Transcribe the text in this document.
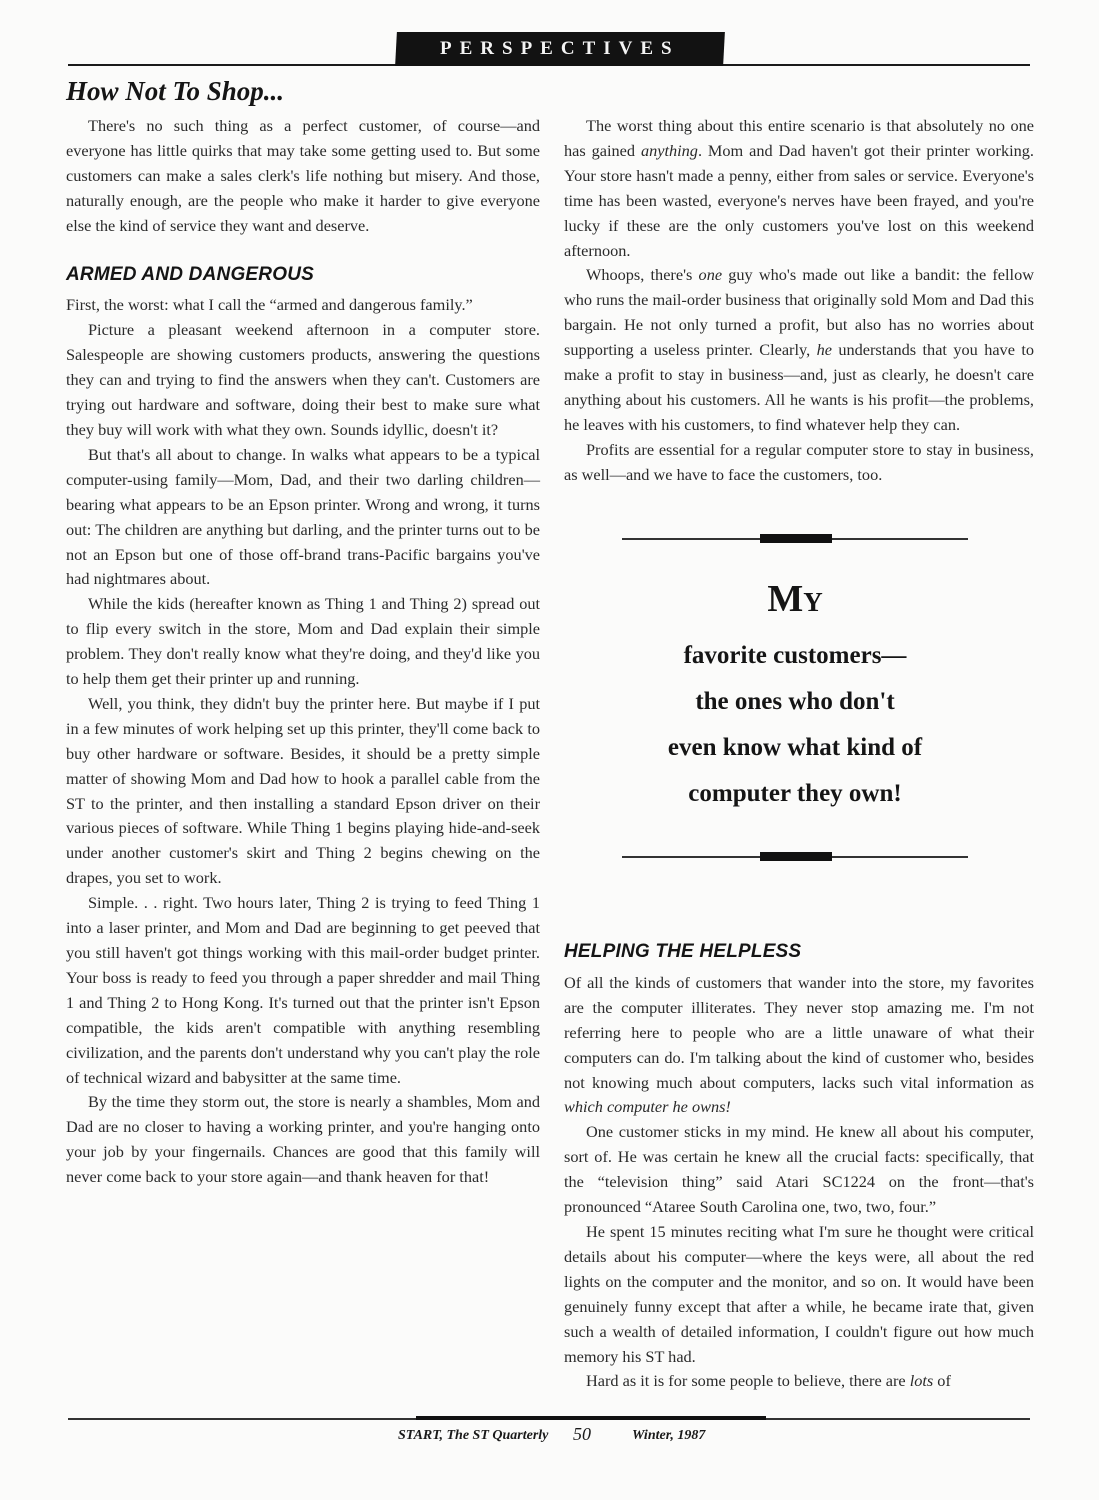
PERSPECTIVES
How Not To Shop...

There's no such thing as a perfect customer, of course—and everyone has little quirks that may take some getting used to. But some customers can make a sales clerk's life nothing but misery. And those, naturally enough, are the people who make it harder to give everyone else the kind of service they want and deserve.

ARMED AND DANGEROUS

First, the worst: what I call the “armed and dangerous family.”

Picture a pleasant weekend afternoon in a computer store. Salespeople are showing customers products, answering the questions they can and trying to find the answers when they can't. Customers are trying out hardware and software, doing their best to make sure what they buy will work with what they own. Sounds idyllic, doesn't it?

But that's all about to change. In walks what appears to be a typical computer-using family—Mom, Dad, and their two darling children—bearing what appears to be an Epson printer. Wrong and wrong, it turns out: The children are anything but darling, and the printer turns out to be not an Epson but one of those off-brand trans-Pacific bargains you've had nightmares about.

While the kids (hereafter known as Thing 1 and Thing 2) spread out to flip every switch in the store, Mom and Dad explain their simple problem. They don't really know what they're doing, and they'd like you to help them get their printer up and running.

Well, you think, they didn't buy the printer here. But maybe if I put in a few minutes of work helping set up this printer, they'll come back to buy other hardware or software. Besides, it should be a pretty simple matter of showing Mom and Dad how to hook a parallel cable from the ST to the printer, and then installing a standard Epson driver on their various pieces of software. While Thing 1 begins playing hide-and-seek under another customer's skirt and Thing 2 begins chewing on the drapes, you set to work.

Simple. . . right. Two hours later, Thing 2 is trying to feed Thing 1 into a laser printer, and Mom and Dad are beginning to get peeved that you still haven't got things working with this mail-order budget printer. Your boss is ready to feed you through a paper shredder and mail Thing 1 and Thing 2 to Hong Kong. It's turned out that the printer isn't Epson compatible, the kids aren't compatible with anything resembling civilization, and the parents don't understand why you can't play the role of technical wizard and babysitter at the same time.

By the time they storm out, the store is nearly a shambles, Mom and Dad are no closer to having a working printer, and you're hanging onto your job by your fingernails. Chances are good that this family will never come back to your store again—and thank heaven for that!

The worst thing about this entire scenario is that absolutely no one has gained anything. Mom and Dad haven't got their printer working. Your store hasn't made a penny, either from sales or service. Everyone's time has been wasted, everyone's nerves have been frayed, and you're lucky if these are the only customers you've lost on this weekend afternoon.

Whoops, there's one guy who's made out like a bandit: the fellow who runs the mail-order business that originally sold Mom and Dad this bargain. He not only turned a profit, but also has no worries about supporting a useless printer. Clearly, he understands that you have to make a profit to stay in business—and, just as clearly, he doesn't care anything about his customers. All he wants is his profit—the problems, he leaves with his customers, to find whatever help they can.

Profits are essential for a regular computer store to stay in business, as well—and we have to face the customers, too.

MY
favorite customers—
the ones who don't
even know what kind of
computer they own!
HELPING THE HELPLESS

Of all the kinds of customers that wander into the store, my favorites are the computer illiterates. They never stop amazing me. I'm not referring here to people who are a little unaware of what their computers can do. I'm talking about the kind of customer who, besides not knowing much about computers, lacks such vital information as which computer he owns!

One customer sticks in my mind. He knew all about his computer, sort of. He was certain he knew all the crucial facts: specifically, that the “television thing” said Atari SC1224 on the front—that's pronounced “Ataree South Carolina one, two, two, four.”

He spent 15 minutes reciting what I'm sure he thought were critical details about his computer—where the keys were, all about the red lights on the computer and the monitor, and so on. It would have been genuinely funny except that after a while, he became irate that, given such a wealth of detailed information, I couldn't figure out how much memory his ST had.

Hard as it is for some people to believe, there are lots of

START, The ST Quarterly 50	Winter, 1987
